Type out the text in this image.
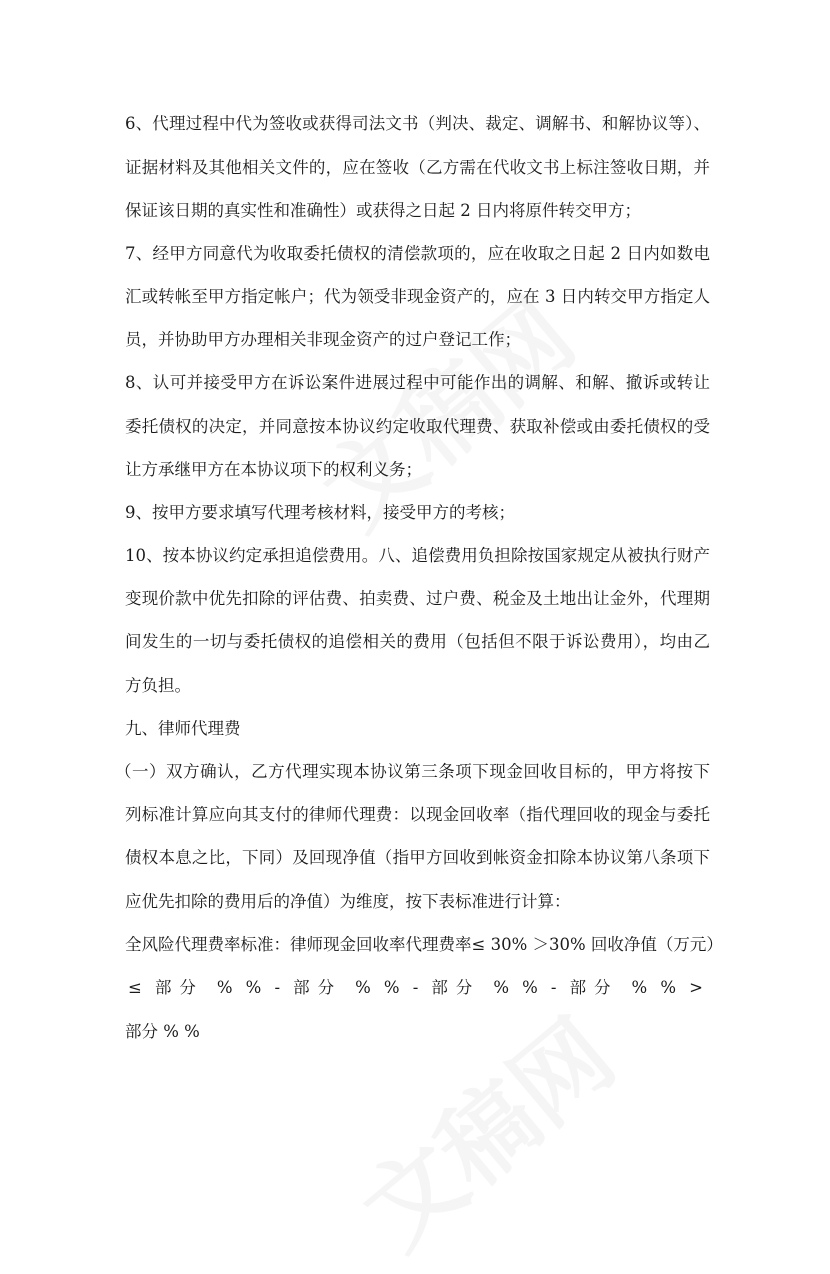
6、代理过程中代为签收或获得司法文书（判决、裁定、调解书、和解协议等）、
证据材料及其他相关文件的，应在签收（乙方需在代收文书上标注签收日期，并
保证该日期的真实性和准确性）或获得之日起 2 日内将原件转交甲方；
7、经甲方同意代为收取委托债权的清偿款项的，应在收取之日起 2 日内如数电
汇或转帐至甲方指定帐户；代为领受非现金资产的，应在 3 日内转交甲方指定人
员，并协助甲方办理相关非现金资产的过户登记工作；
8、认可并接受甲方在诉讼案件进展过程中可能作出的调解、和解、撤诉或转让
委托债权的决定，并同意按本协议约定收取代理费、获取补偿或由委托债权的受
让方承继甲方在本协议项下的权利义务；
9、按甲方要求填写代理考核材料，接受甲方的考核；
10、按本协议约定承担追偿费用。八、追偿费用负担除按国家规定从被执行财产
变现价款中优先扣除的评估费、拍卖费、过户费、税金及土地出让金外，代理期
间发生的一切与委托债权的追偿相关的费用（包括但不限于诉讼费用），均由乙
方负担。
九、律师代理费
（一）双方确认，乙方代理实现本协议第三条项下现金回收目标的，甲方将按下
列标准计算应向其支付的律师代理费：以现金回收率（指代理回收的现金与委托
债权本息之比，下同）及回现净值（指甲方回收到帐资金扣除本协议第八条项下
应优先扣除的费用后的净值）为维度，按下表标准进行计算：
全风险代理费率标准：律师现金回收率代理费率≤ 30% ＞30% 回收净值（万元）
≤ 部分 % % - 部分 % % - 部分 % % - 部分 % % >
部分 % %
